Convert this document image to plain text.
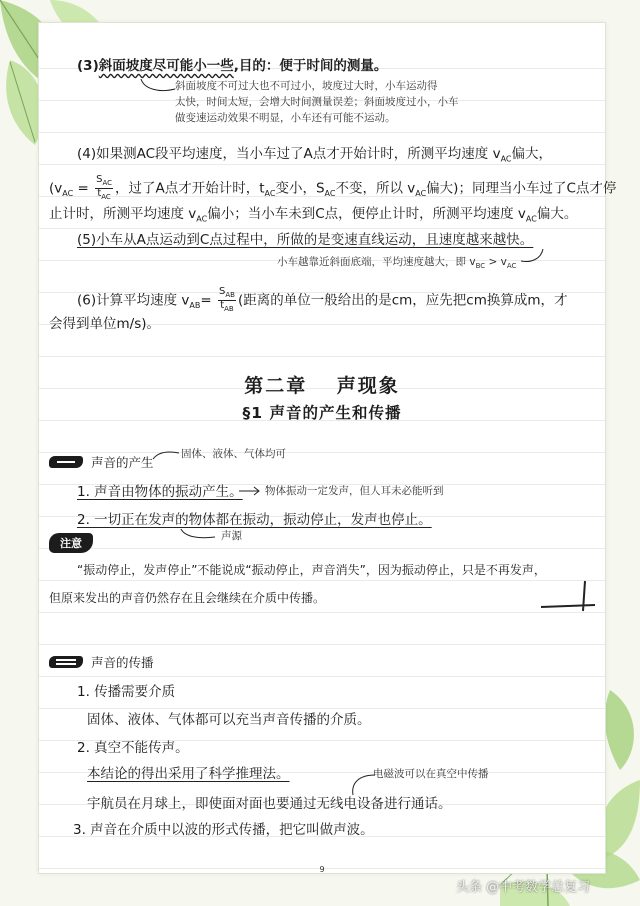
(3)斜面坡度尽可能小一些,目的：便于时间的测量。
斜面坡度不可过大也不可过小，坡度过大时，小车运动得
太快，时间太短，会增大时间测量误差；斜面坡度过小，小车
做变速运动效果不明显，小车还有可能不运动。
(4)如果测AC段平均速度，当小车过了A点才开始计时，所测平均速度 $v_{AC}$偏大，
($v_{AC}$ =
$S_{AC}$
$t_{AC}$
，过了A点才开始计时，$t_{AC}$变小，$S_{AC}$不变，所以 $v_{AC}$偏大)；同理当小车过了C点才停
止计时，所测平均速度 $v_{AC}$偏小；当小车未到C点，便停止计时，所测平均速度 $v_{AC}$偏大。
(5)小车从A点运动到C点过程中，所做的是变速直线运动，且速度越来越快。
小车越靠近斜面底端，平均速度越大，即 $v_{BC} > v_{AC}$
(6)计算平均速度 $v_{AB}=$
$S_{AB}$
$t_{AB}$
(距离的单位一般给出的是cm，应先把cm换算成m，才
会得到单位m/s)。
第二章　 声现象
§1 声音的产生和传播
声音的产生
固体、液体、气体均可
1. 声音由物体的振动产生。	物体振动一定发声，但人耳未必能听到
2. 一切正在发声的物体都在振动，振动停止，发声也停止。
声源
注意
“振动停止，发声停止”不能说成“振动停止，声音消失”，因为振动停止，只是不再发声，
但原来发出的声音仍然存在且会继续在介质中传播。
声音的传播
1. 传播需要介质
固体、液体、气体都可以充当声音传播的介质。
2. 真空不能传声。
本结论的得出采用了科学推理法。	电磁波可以在真空中传播
宇航员在月球上，即使面对面也要通过无线电设备进行通话。
3. 声音在介质中以波的形式传播，把它叫做声波。
9
头条 @中考数学总复习
